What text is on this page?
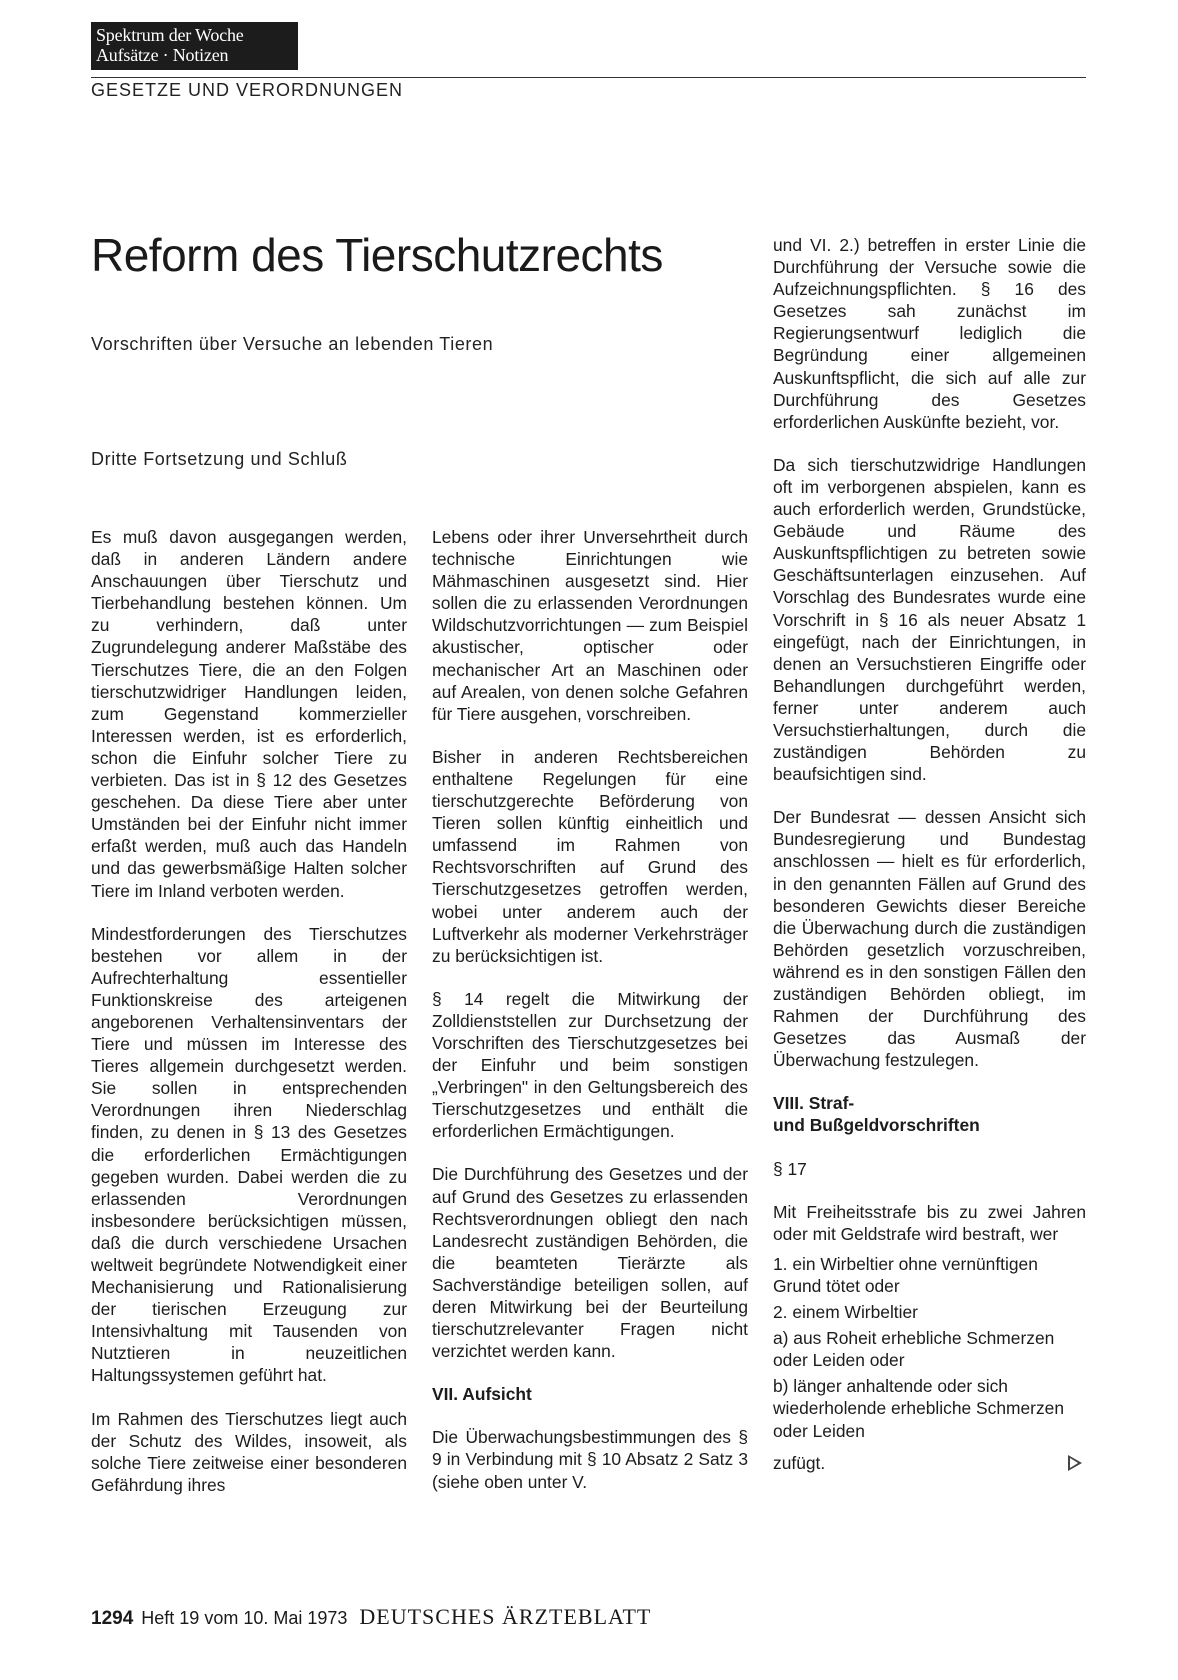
Spektrum der Woche
Aufsätze · Notizen
GESETZE UND VERORDNUNGEN
Reform des Tierschutzrechts
Vorschriften über Versuche an lebenden Tieren
Dritte Fortsetzung und Schluß

Es muß davon ausgegangen werden, daß in anderen Ländern andere Anschauungen über Tierschutz und Tierbehandlung bestehen können. Um zu verhindern, daß unter Zugrundelegung anderer Maßstäbe des Tierschutzes Tiere, die an den Folgen tierschutzwidriger Handlungen leiden, zum Gegenstand kommerzieller Interessen werden, ist es erforderlich, schon die Einfuhr solcher Tiere zu verbieten. Das ist in § 12 des Gesetzes geschehen. Da diese Tiere aber unter Umständen bei der Einfuhr nicht immer erfaßt werden, muß auch das Handeln und das gewerbsmäßige Halten solcher Tiere im Inland verboten werden.

Mindestforderungen des Tierschutzes bestehen vor allem in der Aufrechterhaltung essentieller Funktionskreise des arteigenen angeborenen Verhaltensinventars der Tiere und müssen im Interesse des Tieres allgemein durchgesetzt werden. Sie sollen in entsprechenden Verordnungen ihren Niederschlag finden, zu denen in § 13 des Gesetzes die erforderlichen Ermächtigungen gegeben wurden. Dabei werden die zu erlassenden Verordnungen insbesondere berücksichtigen müssen, daß die durch verschiedene Ursachen weltweit begründete Notwendigkeit einer Mechanisierung und Rationalisierung der tierischen Erzeugung zur Intensivhaltung mit Tausenden von Nutztieren in neuzeitlichen Haltungssystemen geführt hat.

Im Rahmen des Tierschutzes liegt auch der Schutz des Wildes, insoweit, als solche Tiere zeitweise einer besonderen Gefährdung ihres

Lebens oder ihrer Unversehrtheit durch technische Einrichtungen wie Mähmaschinen ausgesetzt sind. Hier sollen die zu erlassenden Verordnungen Wildschutzvorrichtungen — zum Beispiel akustischer, optischer oder mechanischer Art an Maschinen oder auf Arealen, von denen solche Gefahren für Tiere ausgehen, vorschreiben.

Bisher in anderen Rechtsbereichen enthaltene Regelungen für eine tierschutzgerechte Beförderung von Tieren sollen künftig einheitlich und umfassend im Rahmen von Rechtsvorschriften auf Grund des Tierschutzgesetzes getroffen werden, wobei unter anderem auch der Luftverkehr als moderner Verkehrsträger zu berücksichtigen ist.

§ 14 regelt die Mitwirkung der Zolldienststellen zur Durchsetzung der Vorschriften des Tierschutzgesetzes bei der Einfuhr und beim sonstigen „Verbringen" in den Geltungsbereich des Tierschutzgesetzes und enthält die erforderlichen Ermächtigungen.

Die Durchführung des Gesetzes und der auf Grund des Gesetzes zu erlassenden Rechtsverordnungen obliegt den nach Landesrecht zuständigen Behörden, die die beamteten Tierärzte als Sachverständige beteiligen sollen, auf deren Mitwirkung bei der Beurteilung tierschutzrelevanter Fragen nicht verzichtet werden kann.

VII. Aufsicht

Die Überwachungsbestimmungen des § 9 in Verbindung mit § 10 Absatz 2 Satz 3 (siehe oben unter V.

und VI. 2.) betreffen in erster Linie die Durchführung der Versuche sowie die Aufzeichnungspflichten. § 16 des Gesetzes sah zunächst im Regierungsentwurf lediglich die Begründung einer allgemeinen Auskunftspflicht, die sich auf alle zur Durchführung des Gesetzes erforderlichen Auskünfte bezieht, vor.

Da sich tierschutzwidrige Handlungen oft im verborgenen abspielen, kann es auch erforderlich werden, Grundstücke, Gebäude und Räume des Auskunftspflichtigen zu betreten sowie Geschäftsunterlagen einzusehen. Auf Vorschlag des Bundesrates wurde eine Vorschrift in § 16 als neuer Absatz 1 eingefügt, nach der Einrichtungen, in denen an Versuchstieren Eingriffe oder Behandlungen durchgeführt werden, ferner unter anderem auch Versuchstierhaltungen, durch die zuständigen Behörden zu beaufsichtigen sind.

Der Bundesrat — dessen Ansicht sich Bundesregierung und Bundestag anschlossen — hielt es für erforderlich, in den genannten Fällen auf Grund des besonderen Gewichts dieser Bereiche die Überwachung durch die zuständigen Behörden gesetzlich vorzuschreiben, während es in den sonstigen Fällen den zuständigen Behörden obliegt, im Rahmen der Durchführung des Gesetzes das Ausmaß der Überwachung festzulegen.

VIII. Straf-
und Bußgeldvorschriften
§ 17

Mit Freiheitsstrafe bis zu zwei Jahren oder mit Geldstrafe wird bestraft, wer

1. ein Wirbeltier ohne vernünftigen Grund tötet oder

2. einem Wirbeltier

a) aus Roheit erhebliche Schmerzen oder Leiden oder

b) länger anhaltende oder sich wiederholende erhebliche Schmerzen oder Leiden

zufügt.
1294 Heft 19 vom 10. Mai 1973 DEUTSCHES ÄRZTEBLATT
